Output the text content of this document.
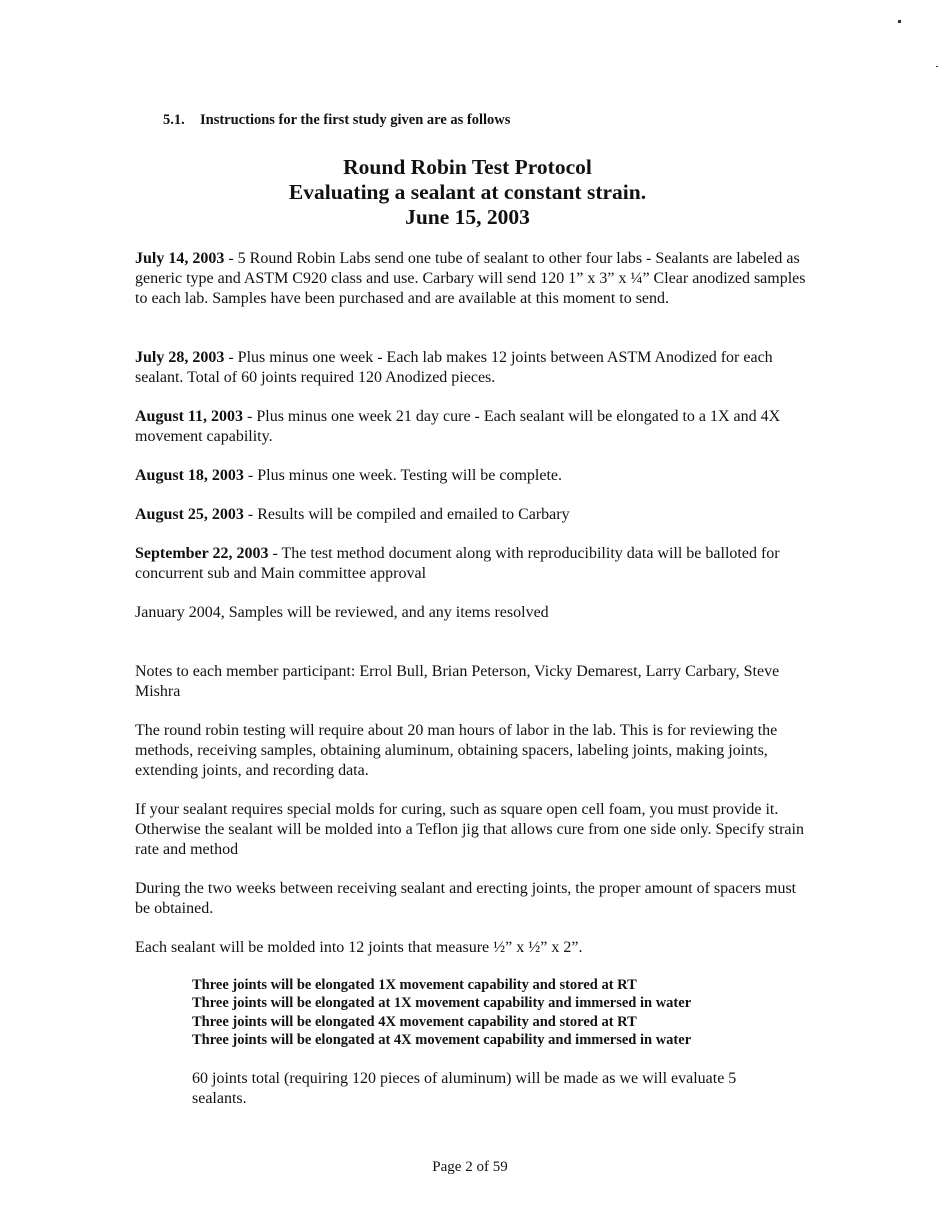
5.1. Instructions for the first study given are as follows
Round Robin Test Protocol
Evaluating a sealant at constant strain.
June 15, 2003
July 14, 2003 - 5 Round Robin Labs send one tube of sealant to other four labs - Sealants are labeled as generic type and ASTM C920 class and use. Carbary will send 120 1” x 3” x ¼” Clear anodized samples to each lab. Samples have been purchased and are available at this moment to send.
July 28, 2003 - Plus minus one week - Each lab makes 12 joints between ASTM Anodized for each sealant. Total of 60 joints required 120 Anodized pieces.
August 11, 2003 - Plus minus one week 21 day cure - Each sealant will be elongated to a 1X and 4X movement capability.
August 18, 2003 - Plus minus one week. Testing will be complete.
August 25, 2003 - Results will be compiled and emailed to Carbary
September 22, 2003 - The test method document along with reproducibility data will be balloted for concurrent sub and Main committee approval
January 2004, Samples will be reviewed, and any items resolved
Notes to each member participant: Errol Bull, Brian Peterson, Vicky Demarest, Larry Carbary, Steve Mishra
The round robin testing will require about 20 man hours of labor in the lab. This is for reviewing the methods, receiving samples, obtaining aluminum, obtaining spacers, labeling joints, making joints, extending joints, and recording data.
If your sealant requires special molds for curing, such as square open cell foam, you must provide it. Otherwise the sealant will be molded into a Teflon jig that allows cure from one side only. Specify strain rate and method
During the two weeks between receiving sealant and erecting joints, the proper amount of spacers must be obtained.
Each sealant will be molded into 12 joints that measure ½” x ½” x 2”.
Three joints will be elongated 1X movement capability and stored at RT
Three joints will be elongated at 1X movement capability and immersed in water
Three joints will be elongated 4X movement capability and stored at RT
Three joints will be elongated at 4X movement capability and immersed in water
60 joints total (requiring 120 pieces of aluminum) will be made as we will evaluate 5 sealants.
Page 2 of 59
